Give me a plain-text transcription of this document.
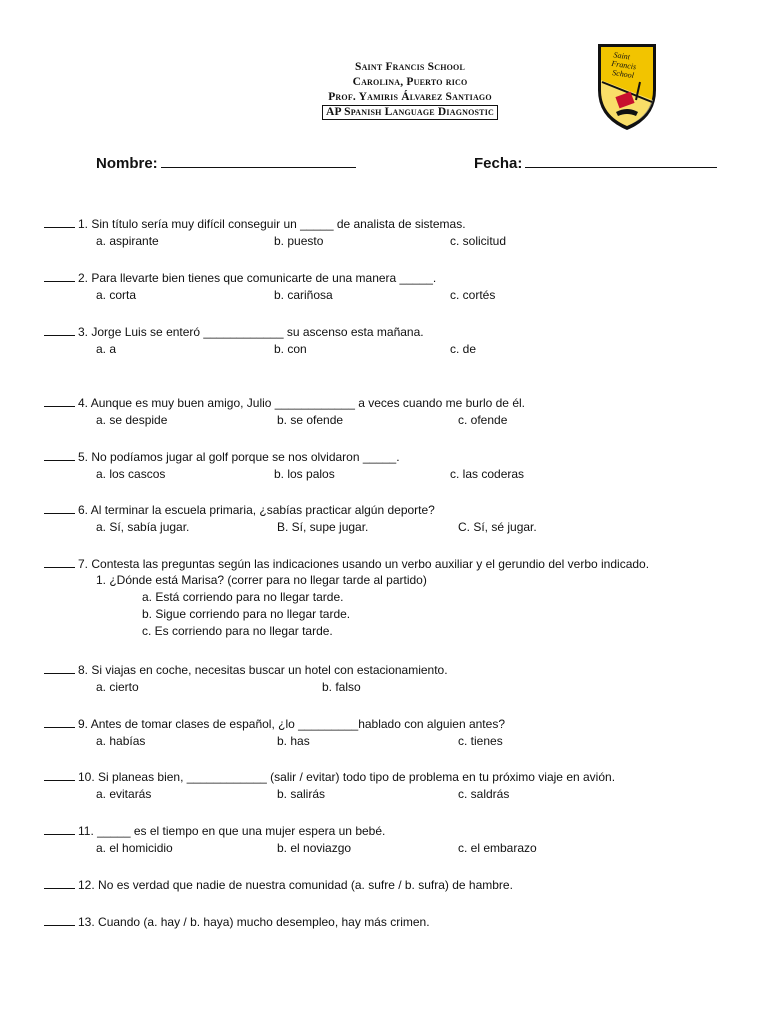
Saint Francis School
Carolina, Puerto rico
Prof. Yamiris Álvarez Santiago
AP Spanish Language Diagnostic
Saint
Francis
School
Nombre:	Fecha:
1. Sin título sería muy difícil conseguir un _____ de analista de sistemas.
a. aspirante	b. puesto	c. solicitud
2. Para llevarte bien tienes que comunicarte de una manera _____.
a. corta	b. cariñosa	c. cortés
3. Jorge Luis se enteró ____________ su ascenso esta mañana.
a. a	b. con	c. de
4. Aunque es muy buen amigo, Julio ____________ a veces cuando me burlo de él.
a. se despide	b. se ofende	c. ofende
5. No podíamos jugar al golf porque se nos olvidaron _____.
a. los cascos	b. los palos	c. las coderas
6. Al terminar la escuela primaria, ¿sabías practicar algún deporte?
a. Sí, sabía jugar.	B. Sí, supe jugar.	C. Sí, sé jugar.
7. Contesta las preguntas según las indicaciones usando un verbo auxiliar y el gerundio del verbo indicado.
1. ¿Dónde está Marisa? (correr para no llegar tarde al partido)
a. Está corriendo para no llegar tarde.
b. Sigue corriendo para no llegar tarde.
c. Es corriendo para no llegar tarde.
8. Si viajas en coche, necesitas buscar un hotel con estacionamiento.
a. cierto	b. falso
9. Antes de tomar clases de español, ¿lo _________hablado con alguien antes?
a. habías	b. has	c. tienes
10. Si planeas bien, ____________ (salir / evitar) todo tipo de problema en tu próximo viaje en avión.
a. evitarás	b. salirás	c. saldrás
11. _____ es el tiempo en que una mujer espera un bebé.
a. el homicidio	b. el noviazgo	c. el embarazo
12. No es verdad que nadie de nuestra comunidad (a. sufre / b. sufra) de hambre.
13. Cuando (a. hay / b. haya) mucho desempleo, hay más crimen.
